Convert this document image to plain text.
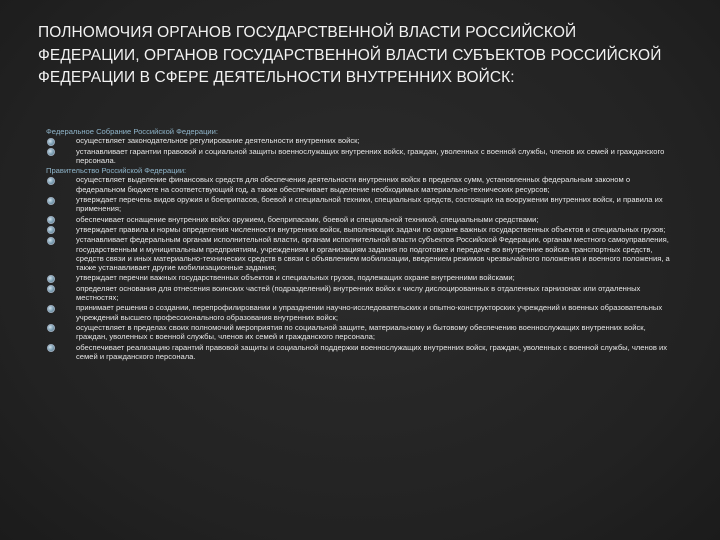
ПОЛНОМОЧИЯ ОРГАНОВ ГОСУДАРСТВЕННОЙ ВЛАСТИ РОССИЙСКОЙ ФЕДЕРАЦИИ, ОРГАНОВ ГОСУДАРСТВЕННОЙ ВЛАСТИ СУБЪЕКТОВ РОССИЙСКОЙ ФЕДЕРАЦИИ В СФЕРЕ ДЕЯТЕЛЬНОСТИ ВНУТРЕННИХ ВОЙСК:
Федеральное Собрание Российской Федерации:
осуществляет законодательное регулирование деятельности внутренних войск;
устанавливает гарантии правовой и социальной защиты военнослужащих внутренних войск, граждан, уволенных с военной службы, членов их семей и гражданского персонала.
Правительство Российской Федерации:
осуществляет выделение финансовых средств для обеспечения деятельности внутренних войск в пределах сумм, установленных федеральным законом о федеральном бюджете на соответствующий год, а также обеспечивает выделение необходимых материально-технических ресурсов;
утверждает перечень видов оружия и боеприпасов, боевой и специальной техники, специальных средств, состоящих на вооружении внутренних войск, и правила их применения;
обеспечивает оснащение внутренних войск оружием, боеприпасами, боевой и специальной техникой, специальными средствами;
утверждает правила и нормы определения численности внутренних войск, выполняющих задачи по охране важных государственных объектов и специальных грузов;
устанавливает федеральным органам исполнительной власти, органам исполнительной власти субъектов Российской Федерации, органам местного самоуправления, государственным и муниципальным предприятиям, учреждениям и организациям задания по подготовке и передаче во внутренние войска транспортных средств, средств связи и иных материально-технических средств в связи с объявлением мобилизации, введением режимов чрезвычайного положения и военного положения, а также устанавливает другие мобилизационные задания;
утверждает перечни важных государственных объектов и специальных грузов, подлежащих охране внутренними войсками;
определяет основания для отнесения воинских частей (подразделений) внутренних войск к числу дислоцированных в отдаленных гарнизонах или отдаленных местностях;
принимает решения о создании, перепрофилировании и упразднении научно-исследовательских и опытно-конструкторских учреждений и военных образовательных учреждений высшего профессионального образования внутренних войск;
осуществляет в пределах своих полномочий мероприятия по социальной защите, материальному и бытовому обеспечению военнослужащих внутренних войск, граждан, уволенных с военной службы, членов их семей и гражданского персонала;
обеспечивает реализацию гарантий правовой защиты и социальной поддержки военнослужащих внутренних войск, граждан, уволенных с военной службы, членов их семей и гражданского персонала.
